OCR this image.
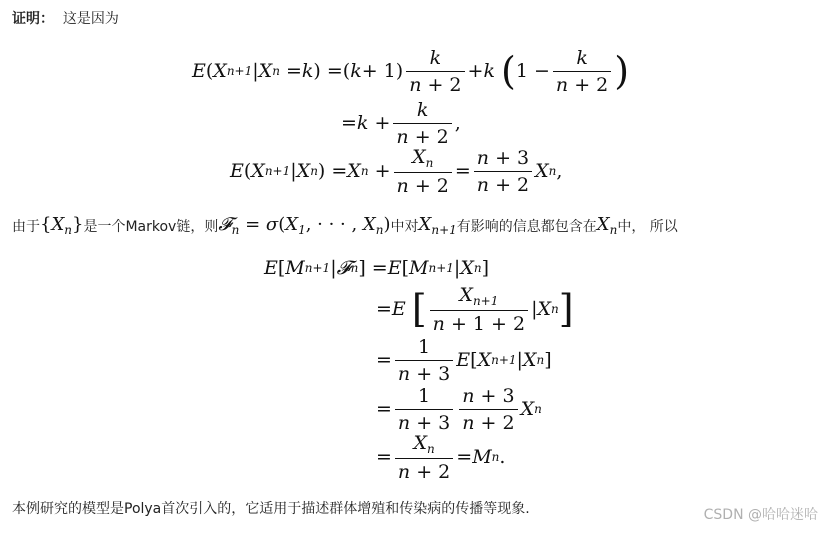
证明： 这是因为
E ( X n+1 | X n = k ) =( $k + 1) \frac{k}{n + 2} + k$
( $1 - \frac{k}{n + 2}$ )
= $k + \frac{k}{n + 2}$ ,
E ( X n+1 | X n ) = X $n + \frac{X_n}{n + 2} = \frac{n + 3}{n + 2}$ X n ,
由于 $\{X_n\}$ 是一个Markov链，则 𝓕$_n$ = $\sigma(X_1$, · · · , $X_n$) 中对 $X_{n+1}$ 有影响的信息都包含在 $X_n$ 中， 所以
E [ M n+1 | 𝓕 n ] = E [ M n+1 | X n ]
= E
[ $\frac{X_{n+1}}{n + 1 + 2}$ | X n ]
= $\frac{1}{n + 3}$ E [ X n+1 | X n ]
= $\frac{1}{n + 3} \frac{n + 3}{n + 2}$ X n
= $\frac{X_n}{n + 2} = M$ n .
本例研究的模型是Polya首次引入的，它适用于描述群体增殖和传染病的传播等现象.	CSDN @哈哈迷哈
